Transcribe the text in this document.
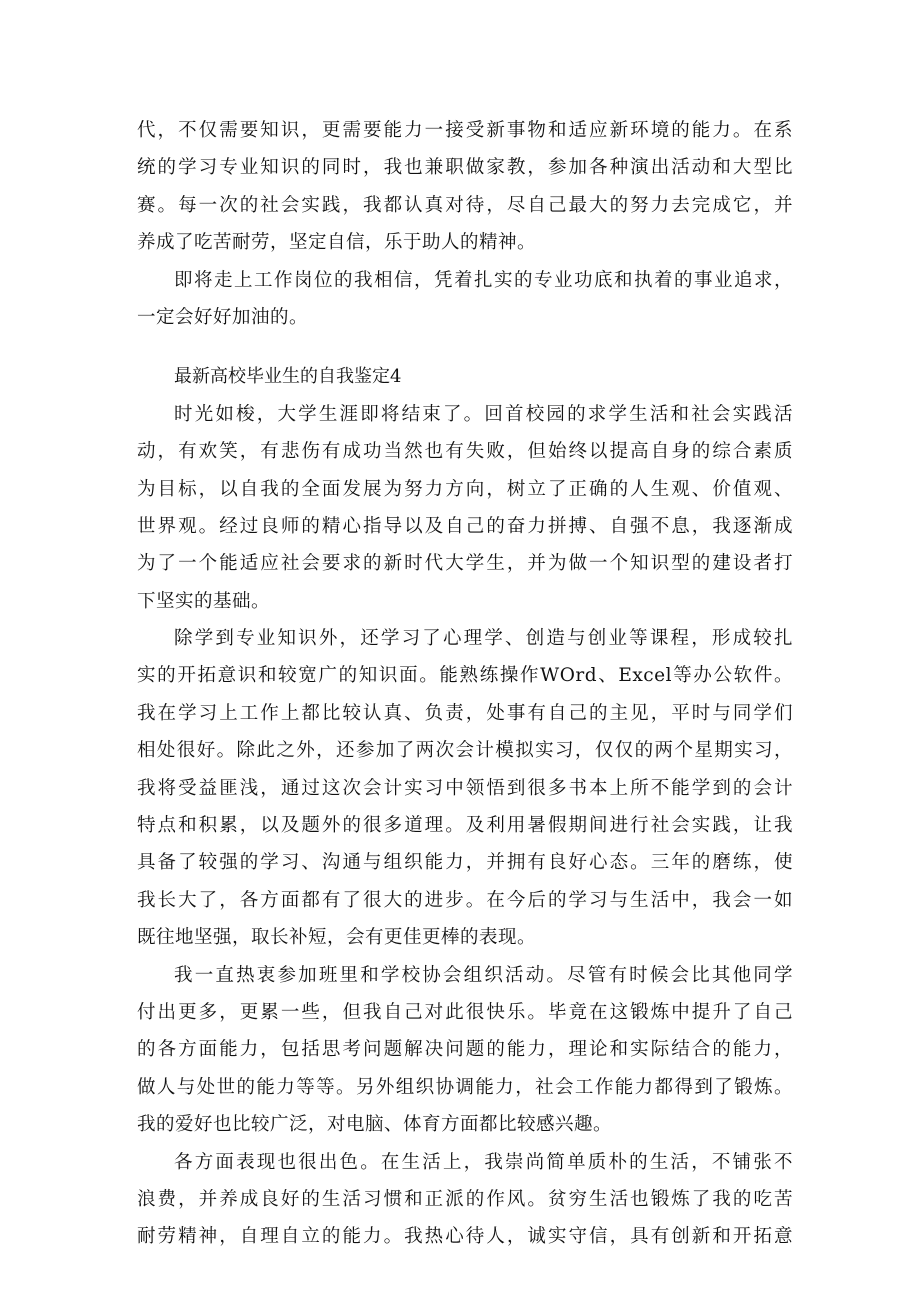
代，不仅需要知识，更需要能力一接受新事物和适应新环境的能力。在系
统的学习专业知识的同时，我也兼职做家教，参加各种演出活动和大型比
赛。每一次的社会实践，我都认真对待，尽自己最大的努力去完成它，并
养成了吃苦耐劳，坚定自信，乐于助人的精神。
即将走上工作岗位的我相信，凭着扎实的专业功底和执着的事业追求，
一定会好好加油的。
最新高校毕业生的自我鉴定4
时光如梭，大学生涯即将结束了。回首校园的求学生活和社会实践活
动，有欢笑，有悲伤有成功当然也有失败，但始终以提高自身的综合素质
为目标，以自我的全面发展为努力方向，树立了正确的人生观、价值观、
世界观。经过良师的精心指导以及自己的奋力拼搏、自强不息，我逐渐成
为了一个能适应社会要求的新时代大学生，并为做一个知识型的建设者打
下坚实的基础。
除学到专业知识外，还学习了心理学、创造与创业等课程，形成较扎
实的开拓意识和较宽广的知识面。能熟练操作WOrd、Excel等办公软件。
我在学习上工作上都比较认真、负责，处事有自己的主见，平时与同学们
相处很好。除此之外，还参加了两次会计模拟实习，仅仅的两个星期实习，
我将受益匪浅，通过这次会计实习中领悟到很多书本上所不能学到的会计
特点和积累，以及题外的很多道理。及利用暑假期间进行社会实践，让我
具备了较强的学习、沟通与组织能力，并拥有良好心态。三年的磨练，使
我长大了，各方面都有了很大的进步。在今后的学习与生活中，我会一如
既往地坚强，取长补短，会有更佳更棒的表现。
我一直热衷参加班里和学校协会组织活动。尽管有时候会比其他同学
付出更多，更累一些，但我自己对此很快乐。毕竟在这锻炼中提升了自己
的各方面能力，包括思考问题解决问题的能力，理论和实际结合的能力，
做人与处世的能力等等。另外组织协调能力，社会工作能力都得到了锻炼。
我的爱好也比较广泛，对电脑、体育方面都比较感兴趣。
各方面表现也很出色。在生活上，我崇尚简单质朴的生活，不铺张不
浪费，并养成良好的生活习惯和正派的作风。贫穷生活也锻炼了我的吃苦
耐劳精神，自理自立的能力。我热心待人，诚实守信，具有创新和开拓意
